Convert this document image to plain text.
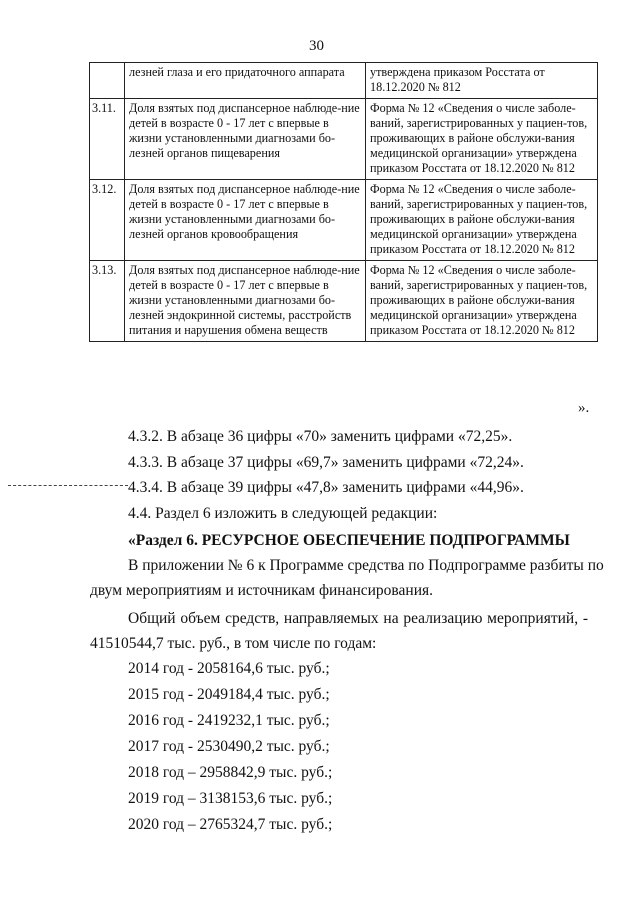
30
	лезней глаза и его придаточного аппарата	утверждена приказом Росстата от 18.12.2020 № 812
3.11.	Доля взятых под диспансерное наблюде-ние детей в возрасте 0 - 17 лет с впервые в жизни установленными диагнозами бо-лезней органов пищеварения	Форма № 12 «Сведения о числе заболе-ваний, зарегистрированных у пациен-тов, проживающих в районе обслужи-вания медицинской организации» утверждена приказом Росстата от 18.12.2020 № 812
3.12.	Доля взятых под диспансерное наблюде-ние детей в возрасте 0 - 17 лет с впервые в жизни установленными диагнозами бо-лезней органов кровообращения	Форма № 12 «Сведения о числе заболе-ваний, зарегистрированных у пациен-тов, проживающих в районе обслужи-вания медицинской организации» утверждена приказом Росстата от 18.12.2020 № 812
3.13.	Доля взятых под диспансерное наблюде-ние детей в возрасте 0 - 17 лет с впервые в жизни установленными диагнозами бо-лезней эндокринной системы, расстройств питания и нарушения обмена веществ	Форма № 12 «Сведения о числе заболе-ваний, зарегистрированных у пациен-тов, проживающих в районе обслужи-вания медицинской организации» утверждена приказом Росстата от 18.12.2020 № 812
».
4.3.2. В абзаце 36 цифры «70» заменить цифрами «72,25».
4.3.3. В абзаце 37 цифры «69,7» заменить цифрами «72,24».
4.3.4. В абзаце 39 цифры «47,8» заменить цифрами «44,96».
4.4. Раздел 6 изложить в следующей редакции:
«Раздел 6. РЕСУРСНОЕ ОБЕСПЕЧЕНИЕ ПОДПРОГРАММЫ
В приложении № 6 к Программе средства по Подпрограмме разбиты по
двум мероприятиям и источникам финансирования.
Общий объем средств, направляемых на реализацию мероприятий, -
41510544,7 тыс. руб., в том числе по годам:
2014 год - 2058164,6 тыс. руб.;
2015 год - 2049184,4 тыс. руб.;
2016 год - 2419232,1 тыс. руб.;
2017 год - 2530490,2 тыс. руб.;
2018 год – 2958842,9 тыс. руб.;
2019 год – 3138153,6 тыс. руб.;
2020 год – 2765324,7 тыс. руб.;
